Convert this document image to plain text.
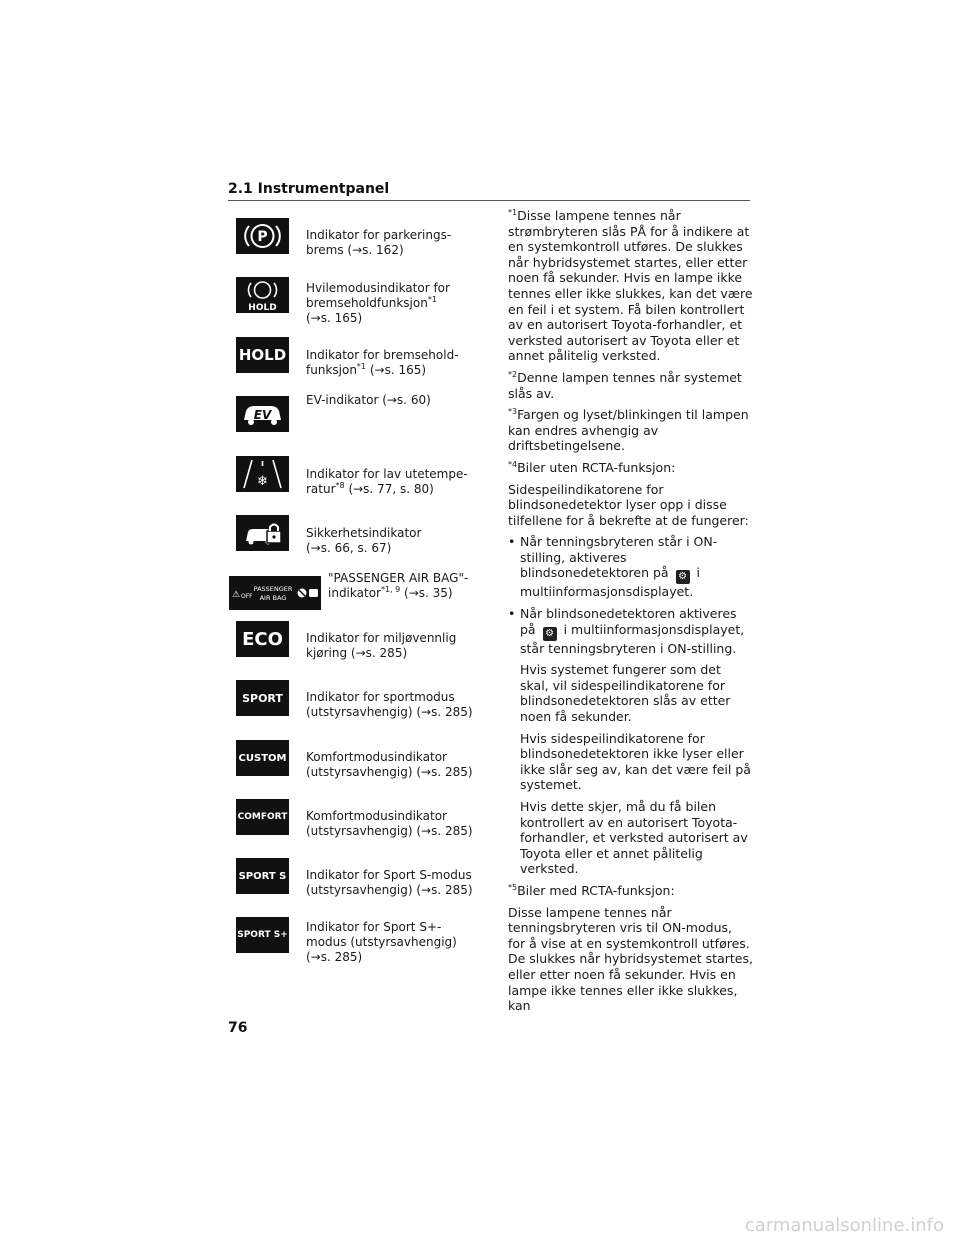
2.1 Instrumentpanel
P	Indikator for parkerings-
brems (→s. 162)
HOLD
Hvilemodusindikator for
bremseholdfunksjon$^{*1}$
(→s. 165)
HOLD Indikator for bremsehold-
funksjon$^{*1}$ (→s. 165)
EV
EV-indikator (→s. 60)
❄	Indikator for lav utetempe-
ratur$^{*8}$ (→s. 77, s. 80)
Sikkerhetsindikator
(→s. 66, s. 67)
⚠ OFF
PASSENGER
AIR BAG
"PASSENGER AIR BAG"-
indikator$^{*1, 9}$ (→s. 35)
ECO Indikator for miljøvennlig
kjøring (→s. 285)
SPORT Indikator for sportmodus
(utstyrsavhengig) (→s. 285)
CUSTOM Komfortmodusindikator
(utstyrsavhengig) (→s. 285)
COMFORT Komfortmodusindikator
(utstyrsavhengig) (→s. 285)
SPORT S Indikator for Sport S-modus
(utstyrsavhengig) (→s. 285)
SPORT S+
Indikator for Sport S+-
modus (utstyrsavhengig)
(→s. 285)

$^{*1}$Disse lampene tennes når strømbryteren slås PÅ for å indikere at en systemkontroll utføres. De slukkes når hybridsystemet startes, eller etter noen få sekunder. Hvis en lampe ikke tennes eller ikke slukkes, kan det være en feil i et system. Få bilen kontrollert av en autorisert Toyota-forhandler, et verksted autorisert av Toyota eller et annet pålitelig verksted.

$^{*2}$Denne lampen tennes når systemet slås av.

$^{*3}$Fargen og lyset/blinkingen til lampen kan endres avhengig av driftsbetingelsene.

$^{*4}$Biler uten RCTA-funksjon:

Sidespeilindikatorene for blindsonedetektor lyser opp i disse tilfellene for å bekrefte at de fungerer:

• Når tenningsbryteren står i ON-stilling, aktiveres blindsonedetektoren på ⚙ i multiinformasjonsdisplayet.
• Når blindsonedetektoren aktiveres på ⚙ i multiinformasjonsdisplayet, står tenningsbryteren i ON-stilling.

Hvis systemet fungerer som det skal, vil sidespeilindikatorene for blindsonedetektoren slås av etter noen få sekunder.

Hvis sidespeilindikatorene for blindsonedetektoren ikke lyser eller ikke slår seg av, kan det være feil på systemet.

Hvis dette skjer, må du få bilen kontrollert av en autorisert Toyota-forhandler, et verksted autorisert av Toyota eller et annet pålitelig verksted.

$^{*5}$Biler med RCTA-funksjon:

Disse lampene tennes når tenningsbryteren vris til ON-modus, for å vise at en systemkontroll utføres. De slukkes når hybridsystemet startes, eller etter noen få sekunder. Hvis en lampe ikke tennes eller ikke slukkes, kan

76
carmanualsonline.info
